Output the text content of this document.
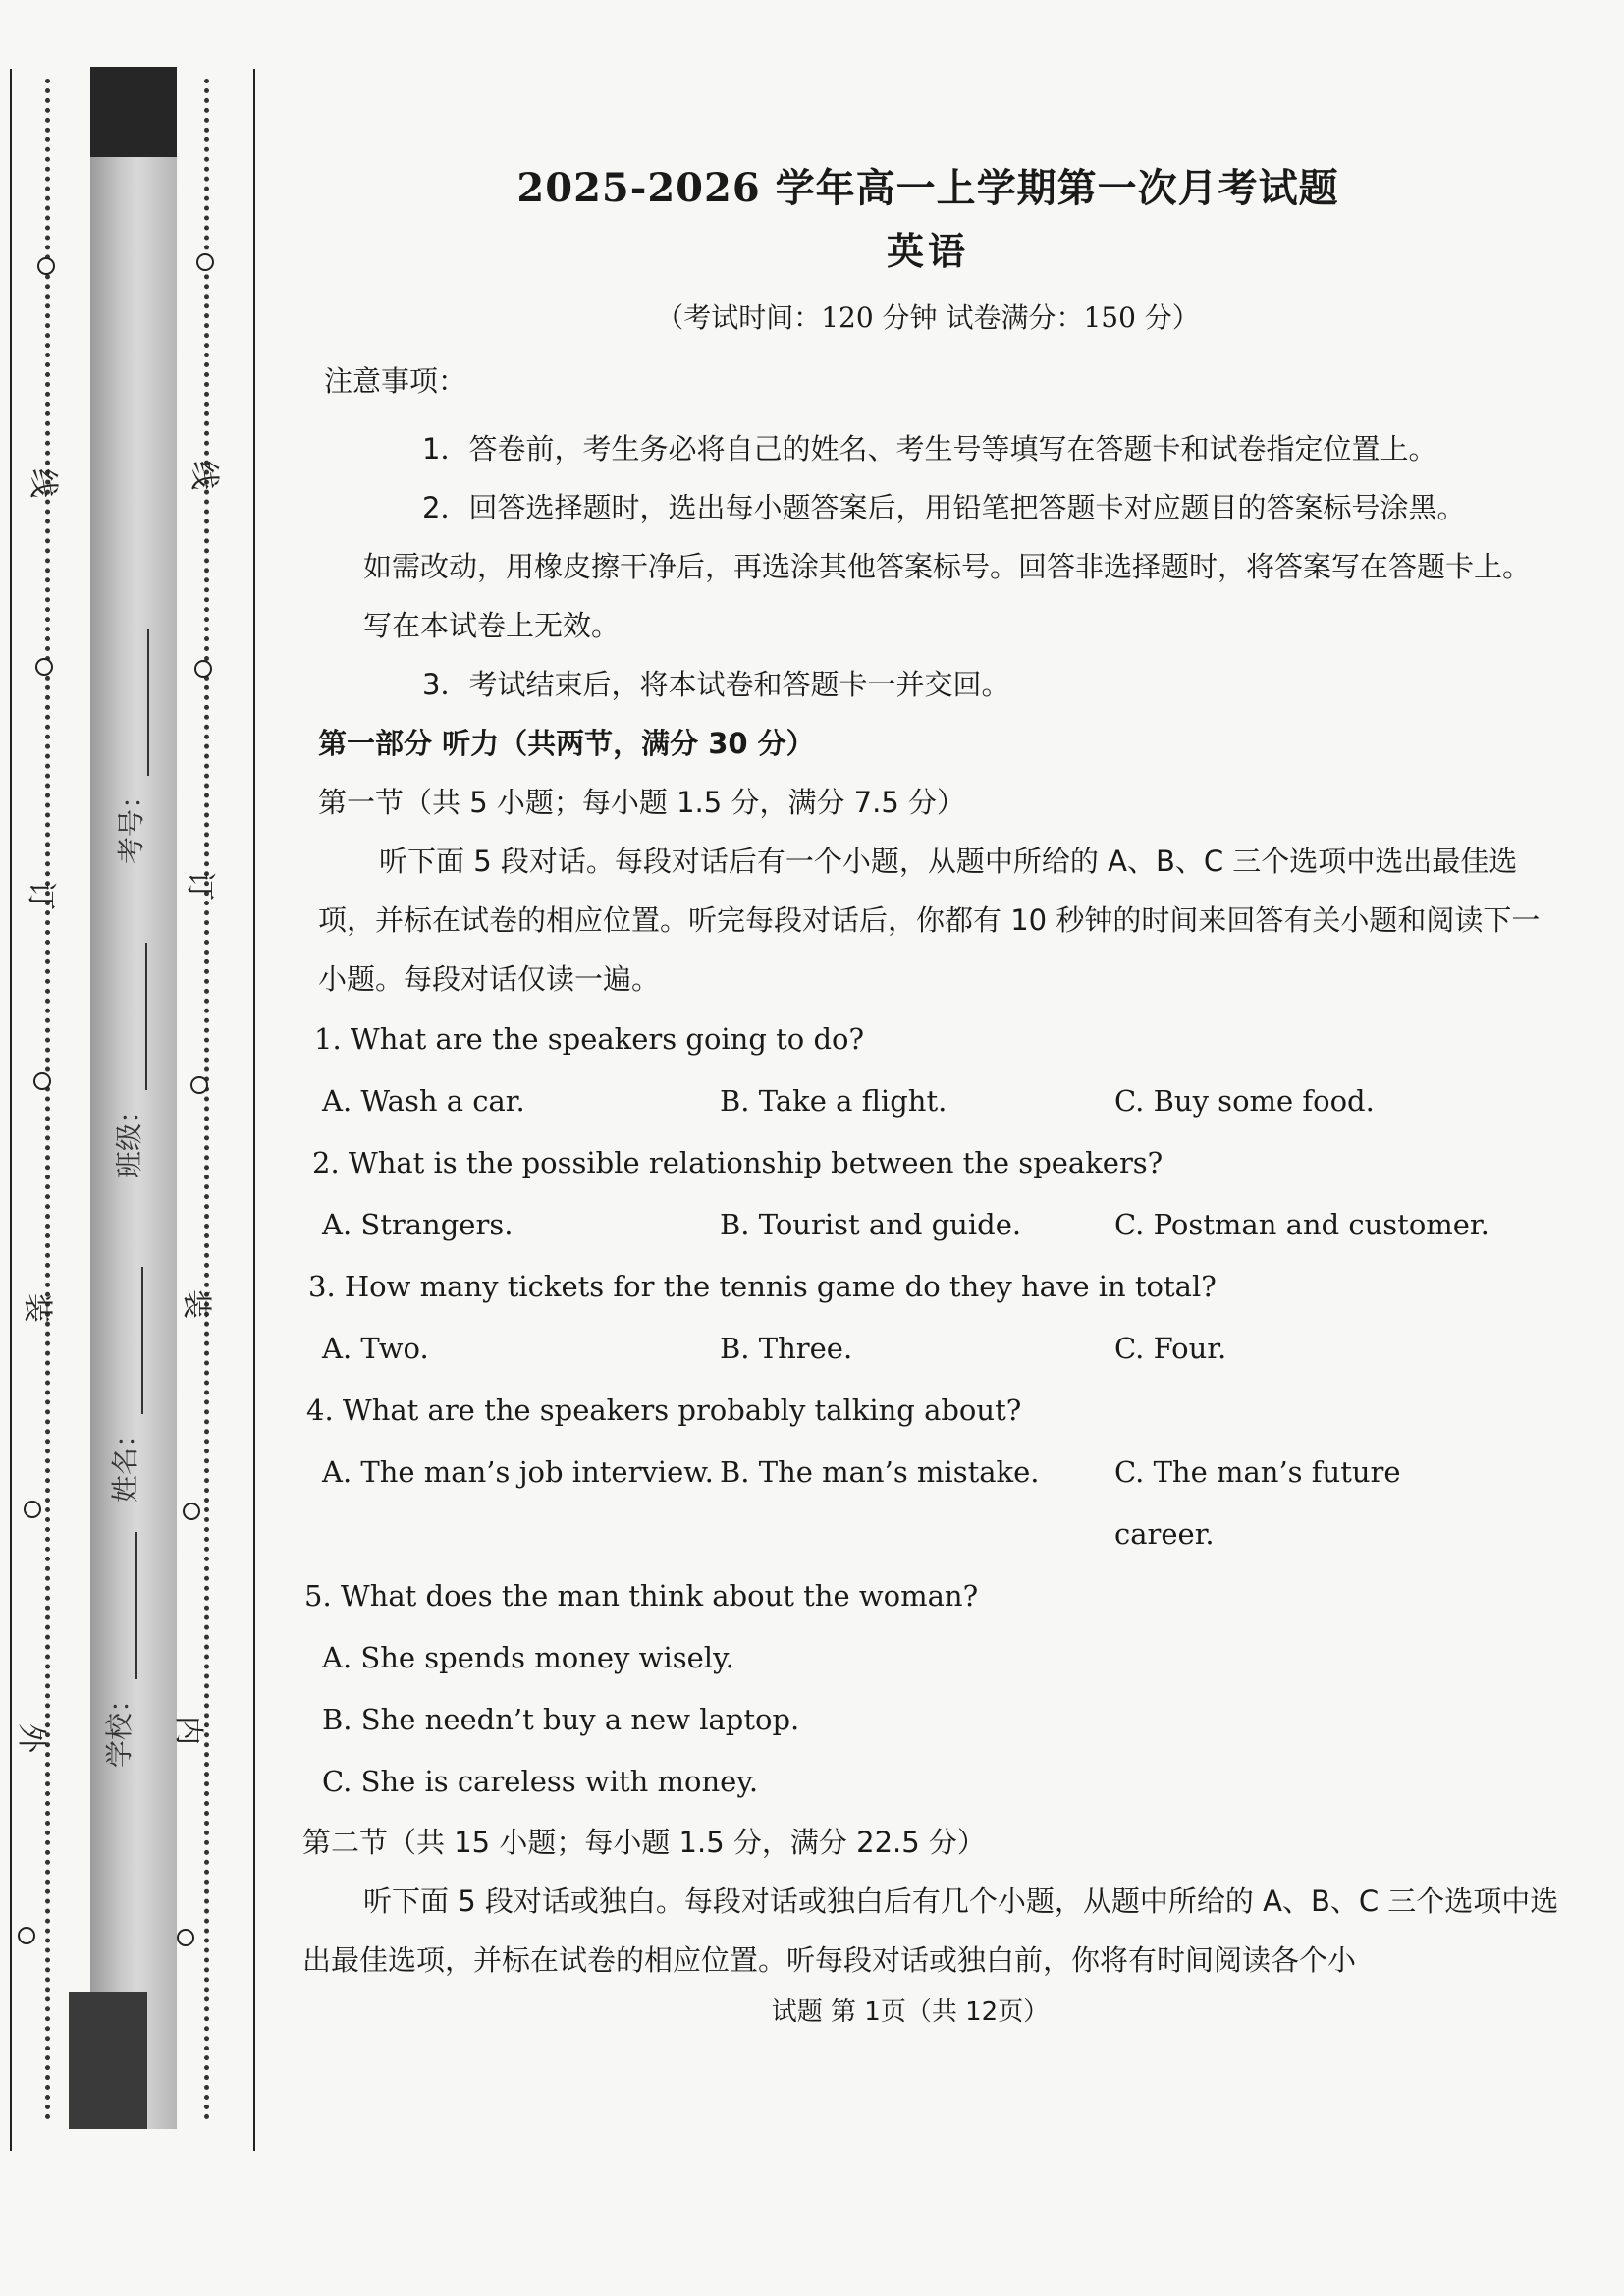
线
订
装
外
线
订
装
内
考号：
班级：
姓名：
学校：
2025-2026 学年高一上学期第一次月考试题
英语
（考试时间：120 分钟 试卷满分：150 分）
注意事项：

1．答卷前，考生务必将自己的姓名、考生号等填写在答题卡和试卷指定位置上。

2．回答选择题时，选出每小题答案后，用铅笔把答题卡对应题目的答案标号涂黑。

如需改动，用橡皮擦干净后，再选涂其他答案标号。回答非选择题时，将答案写在答题卡上。

写在本试卷上无效。

3．考试结束后，将本试卷和答题卡一并交回。

第一部分 听力（共两节，满分 30 分）

第一节（共 5 小题；每小题 1.5 分，满分 7.5 分）

听下面 5 段对话。每段对话后有一个小题，从题中所给的 A、B、C 三个选项中选出最佳选项，并标在试卷的相应位置。听完每段对话后，你都有 10 秒钟的时间来回答有关小题和阅读下一小题。每段对话仅读一遍。

1. What are the speakers going to do?

A. Wash a car.	B. Take a flight.	C. Buy some food.

2. What is the possible relationship between the speakers?

A. Strangers.	B. Tourist and guide.	C. Postman and customer.

3. How many tickets for the tennis game do they have in total?

A. Two.	B. Three.	C. Four.

4. What are the speakers probably talking about?

A. The man’s job interview. B. The man’s mistake.	C. The man’s future career.

5. What does the man think about the woman?

A. She spends money wisely.

B. She needn’t buy a new laptop.

C. She is careless with money.

第二节（共 15 小题；每小题 1.5 分，满分 22.5 分）

听下面 5 段对话或独白。每段对话或独白后有几个小题，从题中所给的 A、B、C 三个选项中选出最佳选项，并标在试卷的相应位置。听每段对话或独白前，你将有时间阅读各个小

试题 第 1页（共 12页）
